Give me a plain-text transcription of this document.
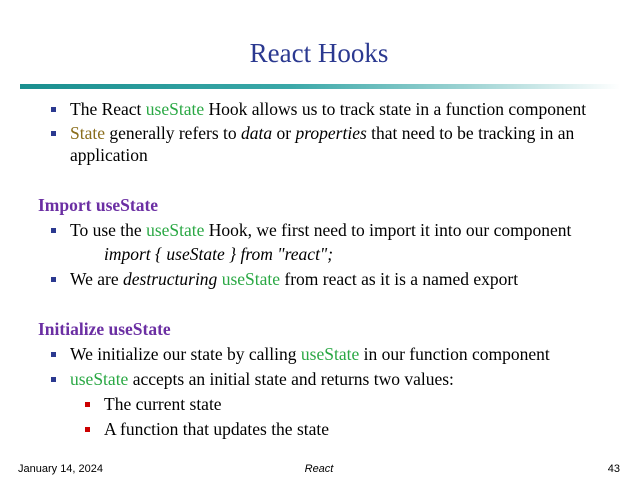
React Hooks
The React useState Hook allows us to track state in a function component
State generally refers to data or properties that need to be tracking in an
application
Import useState
To use the useState Hook, we first need to import it into our component
import { useState } from "react";
We are destructuring useState from react as it is a named export
Initialize useState
We initialize our state by calling useState in our function component
useState accepts an initial state and returns two values:
The current state
A function that updates the state
January 14, 2024	React	43
